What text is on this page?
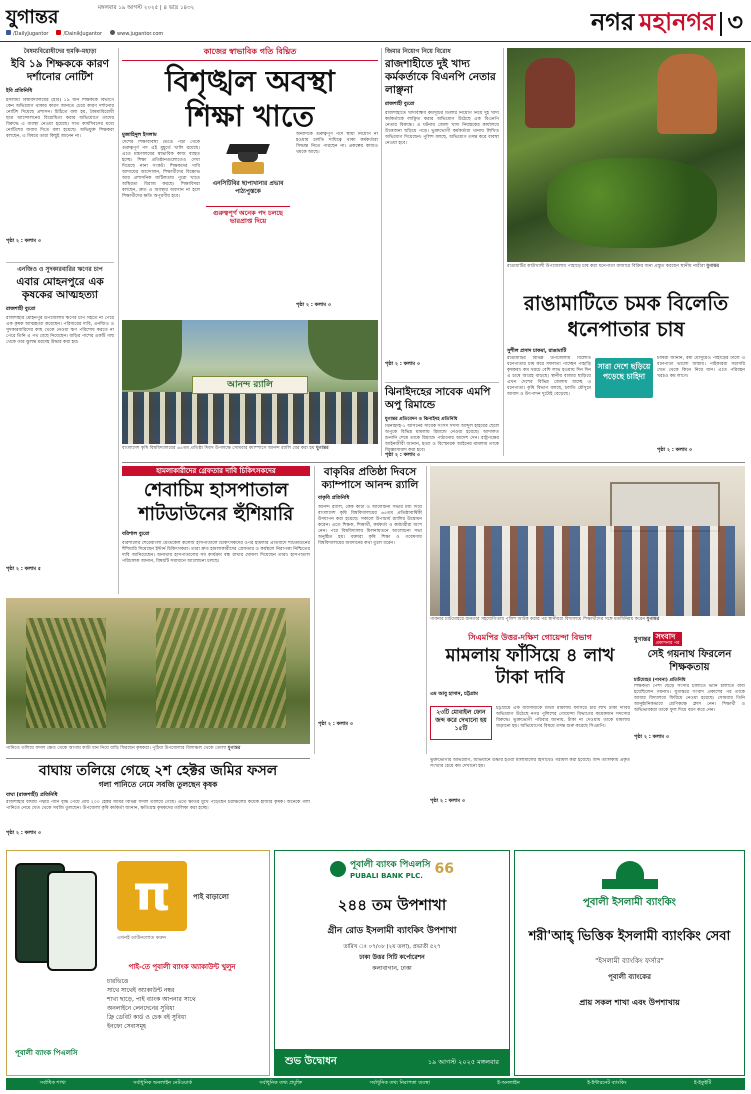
যুগান্তর	মঙ্গলবার ১৯ আগস্ট ২০২৫ | ৪ ভাদ্র ১৪৩২
/DailyJugantor	/DainikJugantor	www.jugantor.com	নগর মহানগর ৩
বৈষম্যবিরোধীদের হুমকি-মহাড়া
ইবি ১৯ শিক্ষককে কারণ দর্শানোর নোটিশ
ইবি প্রতিনিধি
ইসলামী বিশ্ববিদ্যালয়ের (ইবি) ১৯ জন শিক্ষককে বিভাগে কেন অভিযোগ থাকার কারণ জানতে চেয়ে কারণ দর্শানোর নোটিশ দিয়েছে প্রশাসন। চিঠিতে বলা হয়, বৈষম্যবিরোধী ছাত্র আন্দোলনের বিরোধিতা করার অভিযোগে তাদের বিরুদ্ধে এ ব্যবস্থা নেওয়া হয়েছে। সাত কার্যদিবসের মধ্যে নোটিশের জবাব দিতে বলা হয়েছে। অভিযুক্ত শিক্ষকরা বলছেন, এ বিষয়ে তারা কিছুই জানেন না।
পৃষ্ঠা ২ : কলাম ৩
এনজিও ও সুদকারবারির ঋণের চাপ
এবার মোহনপুরে এক কৃষকের আত্মহত্যা
রাজশাহী ব্যুরো
রাজশাহীর মোহনপুর উপজেলায় ঋণের চাপ সইতে না পেরে এক কৃষক আত্মহত্যা করেছেন। পরিবারের দাবি, এনজিও ও সুদকারবারিদের কাছ থেকে নেওয়া ঋণ পরিশোধ করতে না পেরে তিনি এ পথ বেছে নিয়েছেন। বাড়ির পাশের একটি গাছ থেকে তার ঝুলন্ত মরদেহ উদ্ধার করা হয়।
পৃষ্ঠা ২ : কলাম ৫
কাজের স্বাভাবিক গতি বিঘ্নিত
বিশৃঙ্খল অবস্থা
শিক্ষা খাতে
মুজাহিদুল ইসলাম
দেশের শিক্ষাব্যবস্থা ভেঙে পড়া থেকে গুরুত্বপূর্ণ পদ এই মুহূর্তে খালি রয়েছে। এতে মন্ত্রণালয়ের স্বাভাবিক কাজ ব্যাহত হচ্ছে। শিক্ষা প্রতিষ্ঠানগুলোতেও দেখা দিয়েছে নানা সংকট। শিক্ষকদের দাবি আদায়ের আন্দোলন, শিক্ষার্থীদের বিক্ষোভ আর প্রশাসনিক জটিলতায় পুরো খাতে অস্থিরতা বিরাজ করছে। শিক্ষাবিদরা বলছেন, দ্রুত এ অবস্থার অবসান না হলে শিক্ষার্থীদের ক্ষতি অপূরণীয় হবে।
এনসিটিবির ছাপাখানার প্রভাব পাঠ্যপুস্তকে
গুরুত্বপূর্ণ অনেক পদ চলছে ভারপ্রাপ্ত দিয়ে
অন্যদিকে গুরুত্বপূর্ণ পদে স্থায়ী নিয়োগ না হওয়ায় চলতি দায়িত্বে থাকা কর্মকর্তারা সিদ্ধান্ত নিতে পারছেন না। প্রকল্পের কাজও থমকে আছে।
পৃষ্ঠা ২ : কলাম ৩
আনন্দ র‌্যালি
বাংলাদেশ কৃষি বিশ্ববিদ্যালয়ের ৬৫তম প্রতিষ্ঠা দিবস উপলক্ষে সোমবার ক্যাম্পাসে আনন্দ র‌্যালি বের করা হয় যুগান্তর
জিমার নিয়োগ নিয়ে বিরোধ
রাজশাহীতে দুই খাদ্য কর্মকর্তাকে বিএনপি নেতার লাঞ্ছনা
রাজশাহী ব্যুরো
রাজশাহীতে খাদ্যবান্ধব কর্মসূচির ডিলার নিয়োগ নিয়ে দুই খাদ্য কর্মকর্তাকে লাঞ্ছিত করার অভিযোগ উঠেছে এক বিএনপি নেতার বিরুদ্ধে। এ ঘটনায় জেলা খাদ্য নিয়ন্ত্রকের কার্যালয়ে উত্তেজনা ছড়িয়ে পড়ে। ভুক্তভোগী কর্মকর্তারা থানায় লিখিত অভিযোগ দিয়েছেন। পুলিশ বলছে, অভিযোগ তদন্ত করে ব্যবস্থা নেওয়া হবে।
পৃষ্ঠা ২ : কলাম ৩
ঝিনাইদহের সাবেক এমপি অপু রিমান্ডে
যুগান্তর প্রতিবেদন ও ঝিনাইদহ প্রতিনিধি
রাঙামাটির কাউখালী উপজেলায় পাহাড়ে চাষ করা ধনেপাতা বাজারে বিক্রির জন্য প্রস্তুত করছেন স্থানীয় নারীরা যুগান্তর
রাঙামাটিতে চমক বিলেতি
ধনেপাতার চাষ
সুশীল প্রসাদ চাকমা, রাঙামাটি
রাঙামাটির বিভিন্ন উপজেলায় বিলেতি ধনেপাতার চাষ করে সফলতা পাচ্ছেন পাহাড়ি কৃষকরা। কম খরচে বেশি লাভ হওয়ায় দিন দিন এ চাষে আগ্রহ বাড়ছে। স্থানীয় বাজার ছাড়িয়ে এখন দেশের বিভিন্ন জেলায় যাচ্ছে এ ধনেপাতা। কৃষি বিভাগ বলছে, চলতি মৌসুমে আবাদ ও উৎপাদন দুটোই বেড়েছে।
সারা দেশে ছড়িয়ে পড়েছে চাহিদা
চাষিরা জানান, বর্ষা মৌসুমেও পাহাড়ের ঢালে এ ধনেপাতা ভালো জন্মায়। পাইকাররা সরাসরি খেত থেকে কিনে নিয়ে যান। এতে পরিবহন খরচও কম লাগে।
পৃষ্ঠা ২ : কলাম ৩
ঝিনাইদহ-১ আসনের সাবেক সংসদ সদস্য আব্দুল হাইয়ের ছেলে অপুকে বিভিন্ন মামলায় রিমান্ডে নেওয়া হয়েছে। আদালত শুনানি শেষে তাকে রিমান্ডে পাঠানোর আদেশ দেন। রাষ্ট্রপক্ষের আইনজীবী জানান, হত্যা ও বিস্ফোরক আইনের মামলায় তাকে জিজ্ঞাসাবাদ করা হবে।
পৃষ্ঠা ২ : কলাম ৩
হামলাকারীদের গ্রেফতার দাবি চিকিৎসকদের
শেবাচিম হাসপাতাল
শাটডাউনের হুঁশিয়ারি
বরিশাল ব্যুরো
বরিশালের শেরেবাংলা মেডিকেল কলেজ হাসপাতালে চিকিৎসকদের ওপর হামলার প্রতিবাদে শাটডাউনের হুঁশিয়ারি দিয়েছেন ইন্টার্ন চিকিৎসকরা। তারা দ্রুত হামলাকারীদের গ্রেফতার ও কর্মস্থলে নিরাপত্তা নিশ্চিতের দাবি জানিয়েছেন। অন্যথায় হাসপাতালের সব কার্যক্রম বন্ধ রাখার ঘোষণা দিয়েছেন তারা। হাসপাতাল পরিচালক জানান, বিষয়টি সমাধানে আলোচনা চলছে।
বাকৃবির প্রতিষ্ঠা দিবসে ক্যাম্পাসে আনন্দ র‌্যালি
বাকৃবি প্রতিনিধি
আনন্দ র‌্যালি, কেক কাটা ও আলোচনা সভার মধ্য দিয়ে বাংলাদেশ কৃষি বিশ্ববিদ্যালয়ের ৬৫তম প্রতিষ্ঠাবার্ষিকী উদযাপন করা হয়েছে। সকালে উপাচার্য র‌্যালির উদ্বোধন করেন। এতে শিক্ষক, শিক্ষার্থী, কর্মকর্তা ও কর্মচারীরা অংশ নেন। পরে বিশ্ববিদ্যালয় মিলনায়তনে আলোচনা সভা অনুষ্ঠিত হয়। বক্তারা কৃষি শিক্ষা ও গবেষণায় বিশ্ববিদ্যালয়ের অবদানের কথা তুলে ধরেন।
পৃষ্ঠা ২ : কলাম ৩
পানিতে তলিয়ে ফসল ক্ষেত থেকে আগাম কাটা ধান নিয়ে বাড়ি ফিরছেন কৃষকরা। পুঠিয়া উপজেলার বিলাঞ্চল থেকে তোলা যুগান্তর
পাবনার চাটমোহরে জনতার সহযোগিতায় পুলিশ আটক করার পর স্থানীয়রা বিদ্যালয়ে শিক্ষার্থীদের সঙ্গে মতবিনিময় করেন যুগান্তর
সিএমপির উত্তর-দক্ষিণ গোয়েন্দা বিভাগ
মামলায় ফাঁসিয়ে ৪ লাখ
টাকা দাবি
এম আবু হাসান, চট্টগ্রাম
২৩টি মোবাইল ফোন জব্দ করে দেখানো হয় ১৫টি
চট্টগ্রামে এক ব্যবসায়ীকে মিথ্যা মামলায় ফাঁসিয়ে চার লাখ টাকা দাবির অভিযোগ উঠেছে নগর পুলিশের গোয়েন্দা বিভাগের কয়েকজন সদস্যের বিরুদ্ধে। ভুক্তভোগী পরিবার জানায়, টাকা না দেওয়ায় তাকে মামলায় জড়ানো হয়। অভিযোগের বিষয়ে তদন্ত শুরু করেছে সিএমপি।
যুগান্তর সংবাদ
প্রকাশনার পর
সেই গয়নাথ ফিরলেন শিক্ষকতায়
চাটমোহর (পাবনা) প্রতিনিধি
শিক্ষকতা পেশা ছেড়ে সংসার চালাতে ভ্যান চালাতে বাধ্য হয়েছিলেন গয়নাথ। যুগান্তরে সংবাদ প্রকাশের পর তাকে আবার বিদ্যালয়ে ফিরিয়ে নেওয়া হয়েছে। সোমবার তিনি আনুষ্ঠানিকভাবে শ্রেণিকক্ষে ক্লাস নেন। শিক্ষার্থী ও অভিভাবকরা তাকে ফুল দিয়ে বরণ করে নেন।
পৃষ্ঠা ২ : কলাম ৩
ভুক্তভোগীর অভিযোগ, অভিযানে উদ্ধার হওয়া মালামালের হিসাবেও গরমিল করা হয়েছে। জব্দ তালিকায় প্রকৃত সংখ্যার চেয়ে কম দেখানো হয়।
পৃষ্ঠা ২ : কলাম ৩
বাঘায় তলিয়ে গেছে ২শ হেক্টর জমির ফসল
গলা পানিতে নেমে সবজি তুলছেন কৃষক
বাঘা (রাজশাহী) প্রতিনিধি
রাজশাহীর বাঘায় পদ্মার পানি বৃদ্ধি পেয়ে প্রায় ২০০ হেক্টর জমির বিভিন্ন ফসল তলিয়ে গেছে। এতে ক্ষতির মুখে পড়েছেন চরাঞ্চলের কয়েক হাজার কৃষক। অনেকে গলা পানিতে নেমে খেত থেকে সবজি তুলছেন। উপজেলা কৃষি কর্মকর্তা জানান, ক্ষতিগ্রস্ত কৃষকদের তালিকা করা হচ্ছে।
পৃষ্ঠা ২ : কলাম ৩
π	পাই বাড়ালো
এখনই ডাউনলোড করুন
পাই-তে পূবালী ব্যাংক অ্যাকাউন্ট খুলুন
চারভিত্তে
সাথে সাথেই অ্যাকাউন্ট নম্বর
শাখা ছাড়ে, পাই ব্যাংক আপনার সাথে
অনলাইনে লেনদেনের সুবিধা
ফ্রি ডেবিট কার্ড ও চেক বই সুবিধা
ইনফো সেবাসমূহ
পূবালী ব্যাংক পিএলসি
পূবালী ব্যাংক পিএলসি
PUBALI BANK PLC. 66
২৪৪ তম উপশাখা
গ্রীন রোড ইসলামী ব্যাংকিং উপশাখা
তারিখ ঃ ০৭/০৮ (২য় তলা), প্রভাতী ৫২৭
ঢাকা উত্তর সিটি কর্পোরেশন
কলাবাগান, ঢাকা
শুভ উদ্বোধন	১৯ আগস্ট ২০২৫ মঙ্গলবার
পূবালী ইসলামী ব্যাংকিং
শরী'আহ্ ভিত্তিক ইসলামী ব্যাংকিং সেবা
"ইসলামী ব্যাংকিং ফর্সার"
পূবালী ব্যাংকের
প্রায় সকল শাখা এবং উপশাখায়
সর্বাধিক শাখা	সর্বাধুনিক অনলাইন নেটওয়ার্ক	সর্বাধুনিক তথ্য প্রযুক্তি	সর্বাধুনিক তথ্য নিরাপত্তা ব্যবস্থা	ই-অনলাইন	ই-ইন্টারনেট ব্যাংকিং	ই-ইকুইটি
